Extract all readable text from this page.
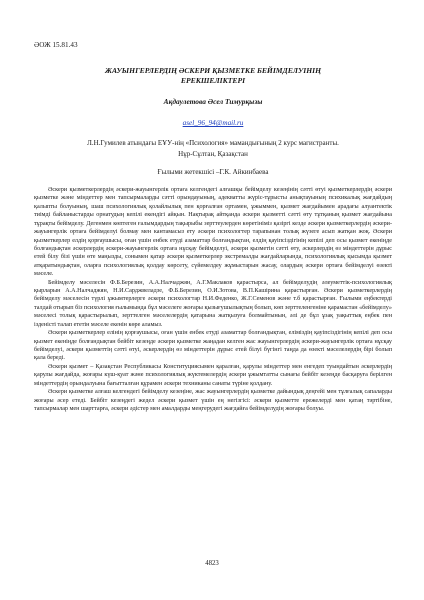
ӘОЖ 15.81.43
ЖАУЫНГЕРЛЕРДІҢ ӘСКЕРИ ҚЫЗМЕТКЕ БЕЙІМДЕЛУІНІҢ
ЕРЕКШЕЛІКТЕРІ
Ақдаулетова Әсел Тимурқызы
asel_96_94@mail.ru
Л.Н.Гумилев атындағы ЕҰУ-нің «Психология» мамандығының 2 курс магистранты.
Нұр-Сұлтан, Қазақстан
Ғылыми жетекшісі –Г.К. Айкинбаева

Әскери қызметкерлердің әскери-жауынгерлік ортаға келгендегі алғашқы бейімделу кезеңінің сәтті өтуі қызметкерлердің әскери қызметке және міндеттер мен тапсырмаларды сәтті орындауының, адекватты жүріс-тұрысты анықтауының психикалық жағдайдың қалыпты болуының, шаш психологиялық қолайлылық пен қорғалған ортамен, ұжыммен, қызмет жағдайымен арадағы алуантектік тиімді байланыстарды орнатудың кепілі екендігі айқын. Нақтырақ айтқанда әскери қызметті сәтті өту тұтқаның қызмет жағдайына тұрақты бейімделу. Дегенмен көптеген ғалымдардың тақырыбы зерттеулерден көретініміз қазіргі кезде әскери қызметкерлердің әскери-жауынгерлік ортаға бейімделуі болмау мен кантамасыз ету әскери психологтер тарапынан толық жүзеге асып жатқан жоқ. Әскери қызметкерлер елдің қорғаушысы, оған үшін енбек етуді азаматтар болғандықтан, елдің қауіпсіздігінің кепілі деп осы қызмет екеніңде болғандықтан әскерлердің әскери-жауынгерлік ортаға нұсқау бейімделуі, әскери қызметін сәтті өту, әскерлердің өз міндеттерін дұрыс етей білу бізі үшін өте маңызды, сонымен қатар әскери қызметкерлер экстремалды жағдайларында, психологиялық қысымда қызмет атқаратындықтан, оларға психологиялық қолдау көрсету, сүйемелдеу жұмыстарын жасау, олардың әскери ортаға бейімделуі өзекті мәселе.

Бейімделу мәселесін Ф.Б.Березин, А.А.Налчаджян, А.Г.Маклаков қарастырса, ал бейімделудің әлеуметтік-психологиялық қырларын А.А.Налчаджян, Н.И.Сарджвеладзе, Ф.Б.Березин, О.И.Зотова, В.П.Кашірина қарастырған. Әскери қызметкерлердің бейімделу мәселесін түрлі ұжымтерлерге әскери психологтар Н.И.Феденко, Ж.Г.Семенов және т.б қарастырған. Ғылыми еңбектерді талдай отырып біз психология ғылымында бұл мәселеге жоғары қызығушылықтың болып, көп зерттеленгеніне қарамастан «бейімделу» мәселесі толық қарастырылып, зерттелген мәселелердің қатарына жатқызуға болмайтынын, әлі де бұл ұзақ уақыттық еңбек пен ізденісті талап ететін мәселе екенін көре аламыз.

Әскери қызметкерлер елінің қорғаушысы, оған үшін енбек етуді азаматтар болғандықтан, еліміздің қауіпсіздігінің кепілі деп осы қызмет екеніңде болғандықтан бейбіт кезеңде әскери қызметке жаңадан келген жас жауынгерлердің әскери-жауынгерлік ортаға нұсқау бейімделуі, әскери қызметтің сәтті өтуі, әскерлердің өз міндеттерін дұрыс етей білуі бүгінгі таңда да өзекті мәселелердің бірі болып қала береді.

Әскери қызмет – Қазақстан Республикасы Конституциясымен қаралған, қарулы мiндеттер мен енгедеп туындайтын әскерлердің қарулы жағдайда, жоғары күш-қуат және психологиялық жүктемелердің әскери ұжымтатты сынағы бейбіт кезеңде басқаруға берілген міндеттердің орындалуына бағытталған құрамен әскери техниканы санаты түріне қолдану.

Әскери қызметке алғаш келгендегі бейімделу кезеңіне, жас жауынгерлердің қызметке дайындық деңгейі мен тұлғалық сапаларды жоғары әсер етеді. Бейбіт кезеңдегі жедел әскери қызмет үшін ең негізгісі: әскери қызметте ережелерді мен қатаң тәртібіне, тапсырмалар мен шарттарға, әскери әдістер мен амалдарды меңгерудегі жағдайға бейімделудің жоғары болуы.

4823
